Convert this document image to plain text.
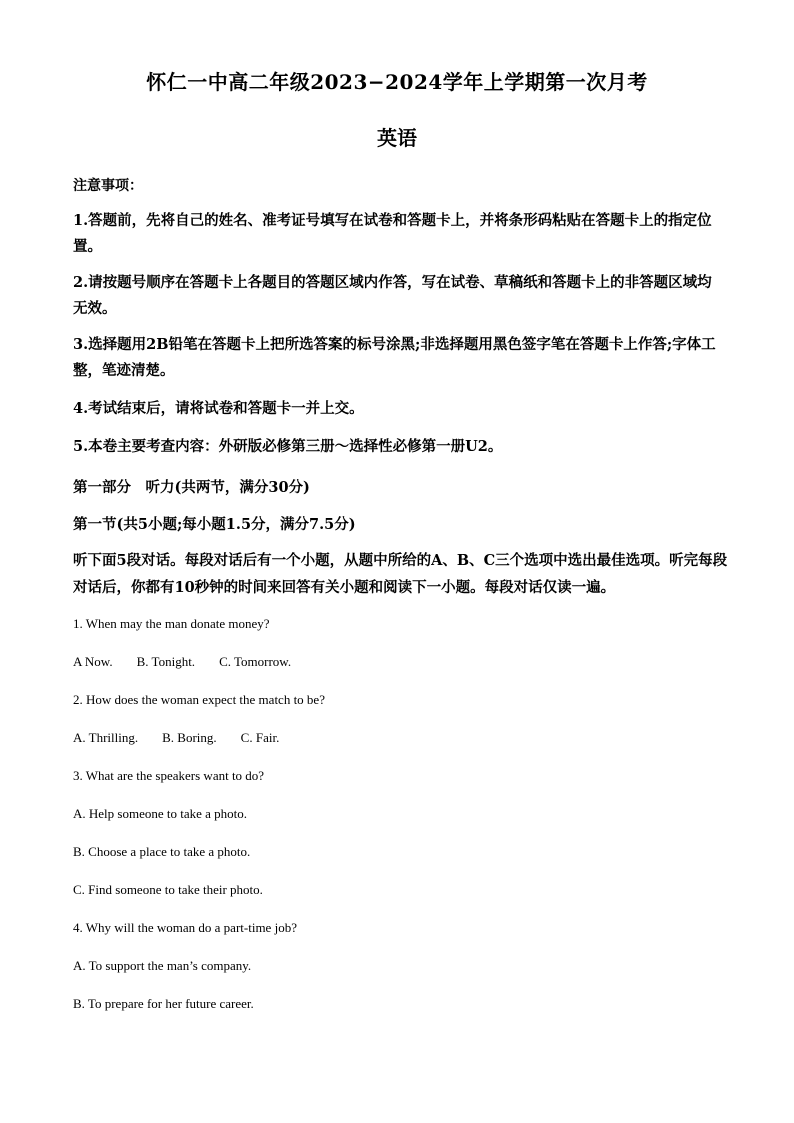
怀仁一中高二年级2023−2024学年上学期第一次月考
英语
注意事项：
1.答题前，先将自己的姓名、准考证号填写在试卷和答题卡上，并将条形码粘贴在答题卡上的指定位置。
2.请按题号顺序在答题卡上各题目的答题区域内作答，写在试卷、草稿纸和答题卡上的非答题区域均无效。
3.选择题用2B铅笔在答题卡上把所选答案的标号涂黑;非选择题用黑色签字笔在答题卡上作答;字体工整，笔迹清楚。
4.考试结束后，请将试卷和答题卡一并上交。
5.本卷主要考查内容：外研版必修第三册～选择性必修第一册U2。
第一部分　听力(共两节，满分30分)
第一节(共5小题;每小题1.5分，满分7.5分)
听下面5段对话。每段对话后有一个小题，从题中所给的A、B、C三个选项中选出最佳选项。听完每段对话后，你都有10秒钟的时间来回答有关小题和阅读下一小题。每段对话仅读一遍。
1. When may the man donate money?
A Now. B. Tonight. C. Tomorrow.
2. How does the woman expect the match to be?
A. Thrilling. B. Boring. C. Fair.
3. What are the speakers want to do?
A. Help someone to take a photo.
B. Choose a place to take a photo.
C. Find someone to take their photo.
4. Why will the woman do a part-time job?
A. To support the man’s company.
B. To prepare for her future career.
